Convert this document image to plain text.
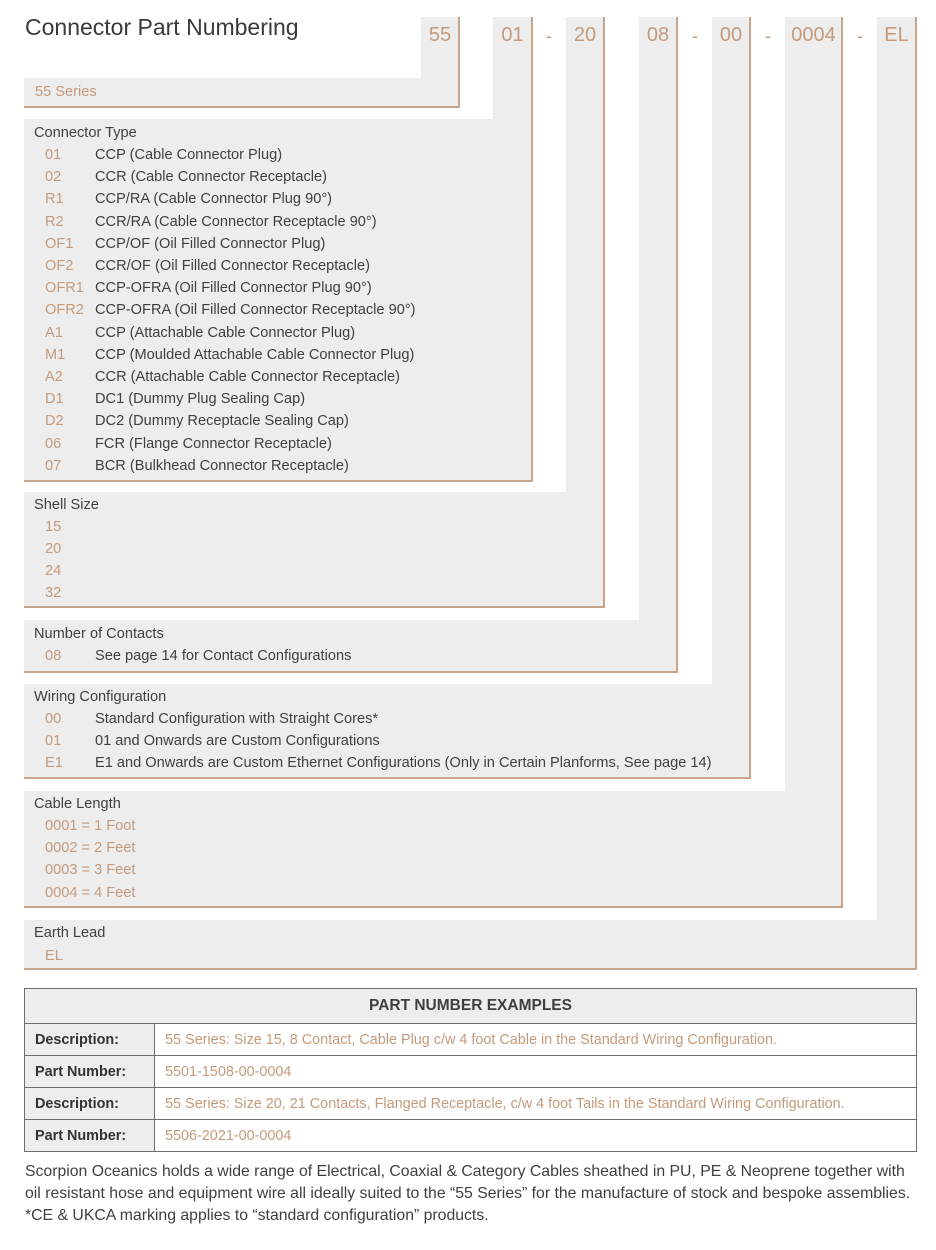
Connector Part Numbering	55	01	-	20	08	-	00	-	0004	-	EL
55 Series
Connector Type
01 CCP (Cable Connector Plug)
02 CCR (Cable Connector Receptacle)
R1 CCP/RA (Cable Connector Plug 90°)
R2 CCR/RA (Cable Connector Receptacle 90°)
OF1 CCP/OF (Oil Filled Connector Plug)
OF2 CCR/OF (Oil Filled Connector Receptacle)
OFR1 CCP-OFRA (Oil Filled Connector Plug 90°)
OFR2 CCP-OFRA (Oil Filled Connector Receptacle 90°)
A1 CCP (Attachable Cable Connector Plug)
M1 CCP (Moulded Attachable Cable Connector Plug)
A2 CCR (Attachable Cable Connector Receptacle)
D1 DC1 (Dummy Plug Sealing Cap)
D2 DC2 (Dummy Receptacle Sealing Cap)
06 FCR (Flange Connector Receptacle)
07 BCR (Bulkhead Connector Receptacle)
Shell Size
15
20
24
32
Number of Contacts
08 See page 14 for Contact Configurations
Wiring Configuration
00 Standard Configuration with Straight Cores*
01 01 and Onwards are Custom Configurations
E1 E1 and Onwards are Custom Ethernet Configurations (Only in Certain Planforms, See page 14)
Cable Length
0001 = 1 Foot
0002 = 2 Feet
0003 = 3 Feet
0004 = 4 Feet
Earth Lead
EL
PART NUMBER EXAMPLES	
Description:	55 Series: Size 15, 8 Contact, Cable Plug c/w 4 foot Cable in the Standard Wiring Configuration.
Part Number:	5501-1508-00-0004
Description:	55 Series: Size 20, 21 Contacts, Flanged Receptacle, c/w 4 foot Tails in the Standard Wiring Configuration.
Part Number:	5506-2021-00-0004
Scorpion Oceanics holds a wide range of Electrical, Coaxial & Category Cables sheathed in PU, PE & Neoprene together with oil resistant hose and equipment wire all ideally suited to the “55 Series” for the manufacture of stock and bespoke assemblies.
*CE & UKCA marking applies to “standard configuration” products.
